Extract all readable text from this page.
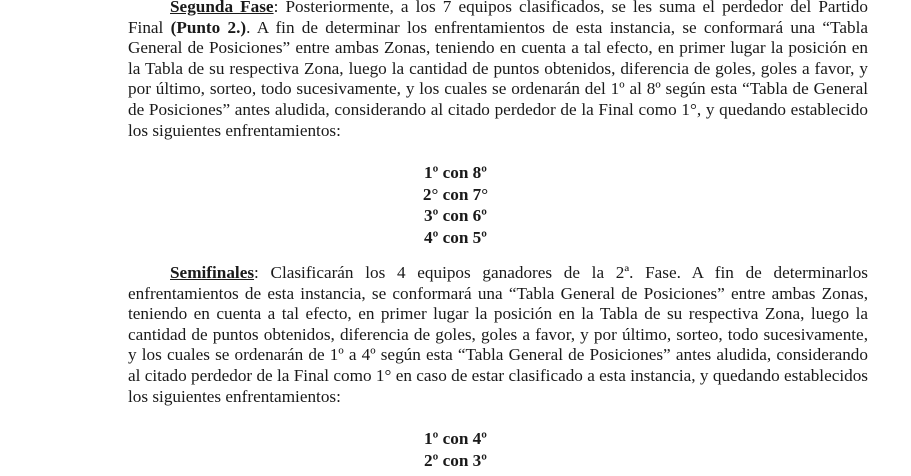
Segunda Fase: Posteriormente, a los 7 equipos clasificados, se les suma el perdedor del Partido Final (Punto 2.). A fin de determinar los enfrentamientos de esta instancia, se conformará una “Tabla General de Posiciones” entre ambas Zonas, teniendo en cuenta a tal efecto, en primer lugar la posición en la Tabla de su respectiva Zona, luego la cantidad de puntos obtenidos, diferencia de goles, goles a favor, y por último, sorteo, todo sucesivamente, y los cuales se ordenarán del 1º al 8º según esta “Tabla de General de Posiciones” antes aludida, considerando al citado perdedor de la Final como 1°, y quedando establecido los siguientes enfrentamientos:

1º con 8º
2° con 7°
3º con 6º
4º con 5º

Semifinales: Clasificarán los 4 equipos ganadores de la 2ª. Fase. A fin de determinarlos enfrentamientos de esta instancia, se conformará una “Tabla General de Posiciones” entre ambas Zonas, teniendo en cuenta a tal efecto, en primer lugar la posición en la Tabla de su respectiva Zona, luego la cantidad de puntos obtenidos, diferencia de goles, goles a favor, y por último, sorteo, todo sucesivamente, y los cuales se ordenarán de 1º a 4º según esta “Tabla General de Posiciones” antes aludida, considerando al citado perdedor de la Final como 1° en caso de estar clasificado a esta instancia, y quedando establecidos los siguientes enfrentamientos:

1º con 4º
2º con 3º
